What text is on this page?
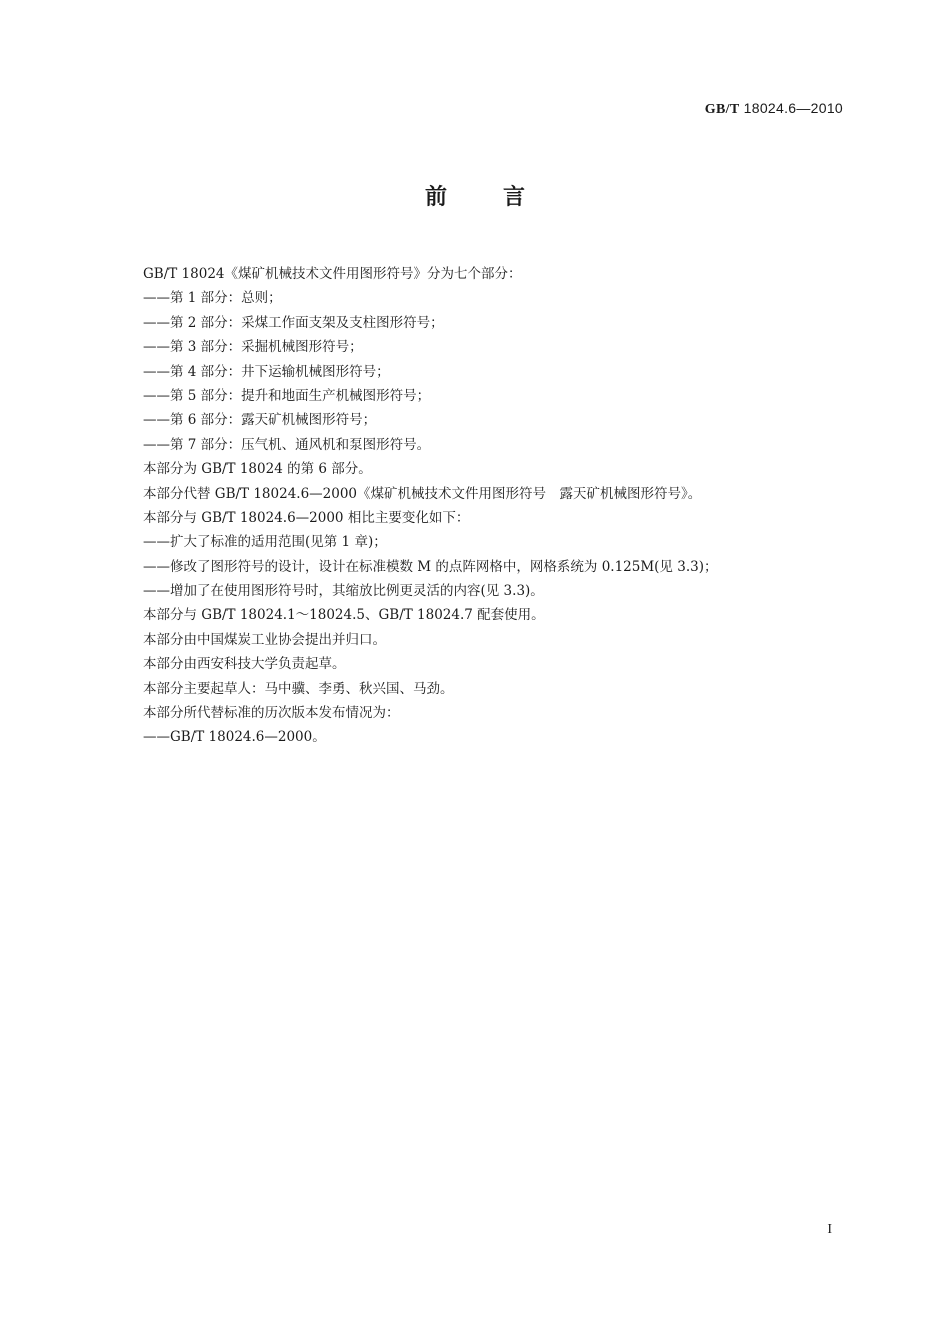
GB/T 18024.6—2010
前言
GB/T 18024《煤矿机械技术文件用图形符号》分为七个部分：
——第 1 部分：总则；
——第 2 部分：采煤工作面支架及支柱图形符号；
——第 3 部分：采掘机械图形符号；
——第 4 部分：井下运输机械图形符号；
——第 5 部分：提升和地面生产机械图形符号；
——第 6 部分：露天矿机械图形符号；
——第 7 部分：压气机、通风机和泵图形符号。
本部分为 GB/T 18024 的第 6 部分。
本部分代替 GB/T 18024.6—2000《煤矿机械技术文件用图形符号　露天矿机械图形符号》。
本部分与 GB/T 18024.6—2000 相比主要变化如下：
——扩大了标准的适用范围(见第 1 章)；
——修改了图形符号的设计，设计在标准模数 M 的点阵网格中，网格系统为 0.125M(见 3.3)；
——增加了在使用图形符号时，其缩放比例更灵活的内容(见 3.3)。
本部分与 GB/T 18024.1～18024.5、GB/T 18024.7 配套使用。
本部分由中国煤炭工业协会提出并归口。
本部分由西安科技大学负责起草。
本部分主要起草人：马中骥、李勇、秋兴国、马劲。
本部分所代替标准的历次版本发布情况为：
——GB/T 18024.6—2000。
I
